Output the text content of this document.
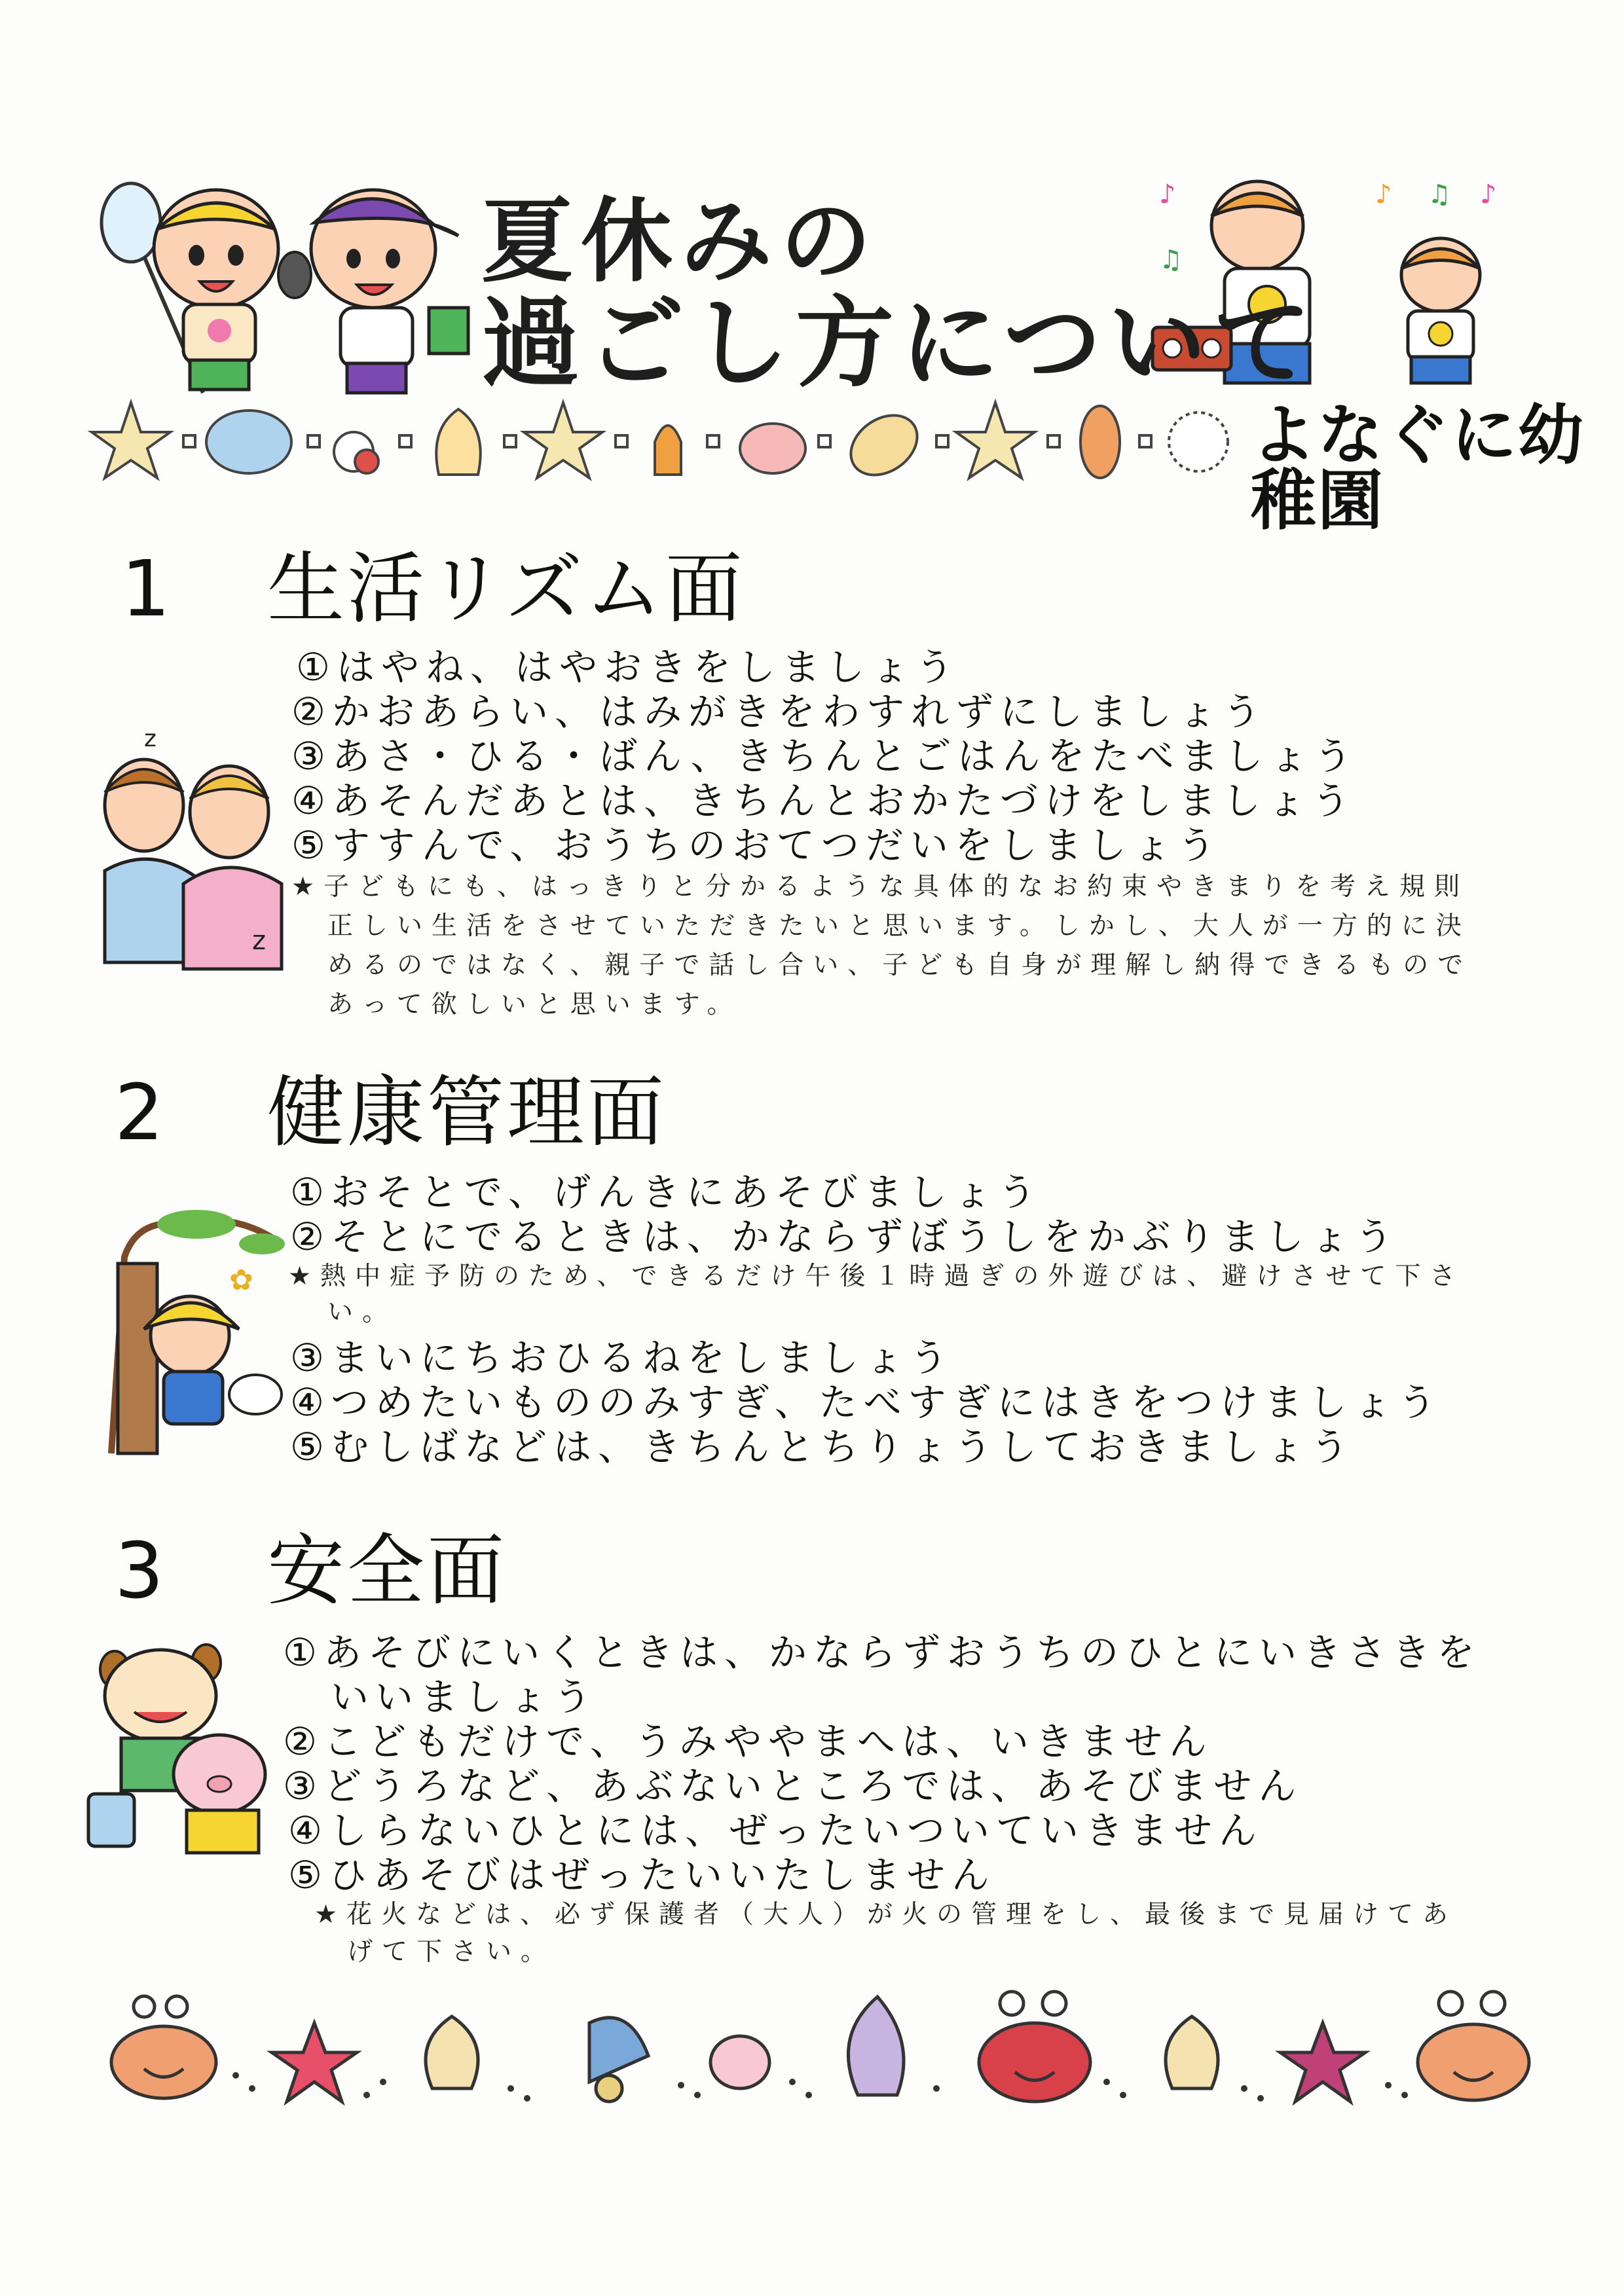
♪
♫
♪ ♫ ♪
夏休みの
過ごし方について
よなぐに幼稚園
1 生活リズム面
z
z
①はやね、はやおきをしましょう
②かおあらい、はみがきをわすれずにしましょう
③あさ・ひる・ばん、きちんとごはんをたべましょう
④あそんだあとは、きちんとおかたづけをしましょう
⑤すすんで、おうちのおてつだいをしましょう
★子どもにも、はっきりと分かるような具体的なお約束やきまりを考え規則
正しい生活をさせていただきたいと思います。しかし、大人が一方的に決
めるのではなく、親子で話し合い、子ども自身が理解し納得できるもので
あって欲しいと思います。
2 健康管理面
✿
①おそとで、げんきにあそびましょう
②そとにでるときは、かならずぼうしをかぶりましょう
★熱中症予防のため、できるだけ午後１時過ぎの外遊びは、避けさせて下さ
い。
③まいにちおひるねをしましょう
④つめたいもののみすぎ、たべすぎにはきをつけましょう
⑤むしばなどは、きちんとちりょうしておきましょう
3 安全面
①あそびにいくときは、かならずおうちのひとにいきさきを
いいましょう
②こどもだけで、うみややまへは、いきません
③どうろなど、あぶないところでは、あそびません
④しらないひとには、ぜったいついていきません
⑤ひあそびはぜったいいたしません
★花火などは、必ず保護者（大人）が火の管理をし、最後まで見届けてあ
げて下さい。
